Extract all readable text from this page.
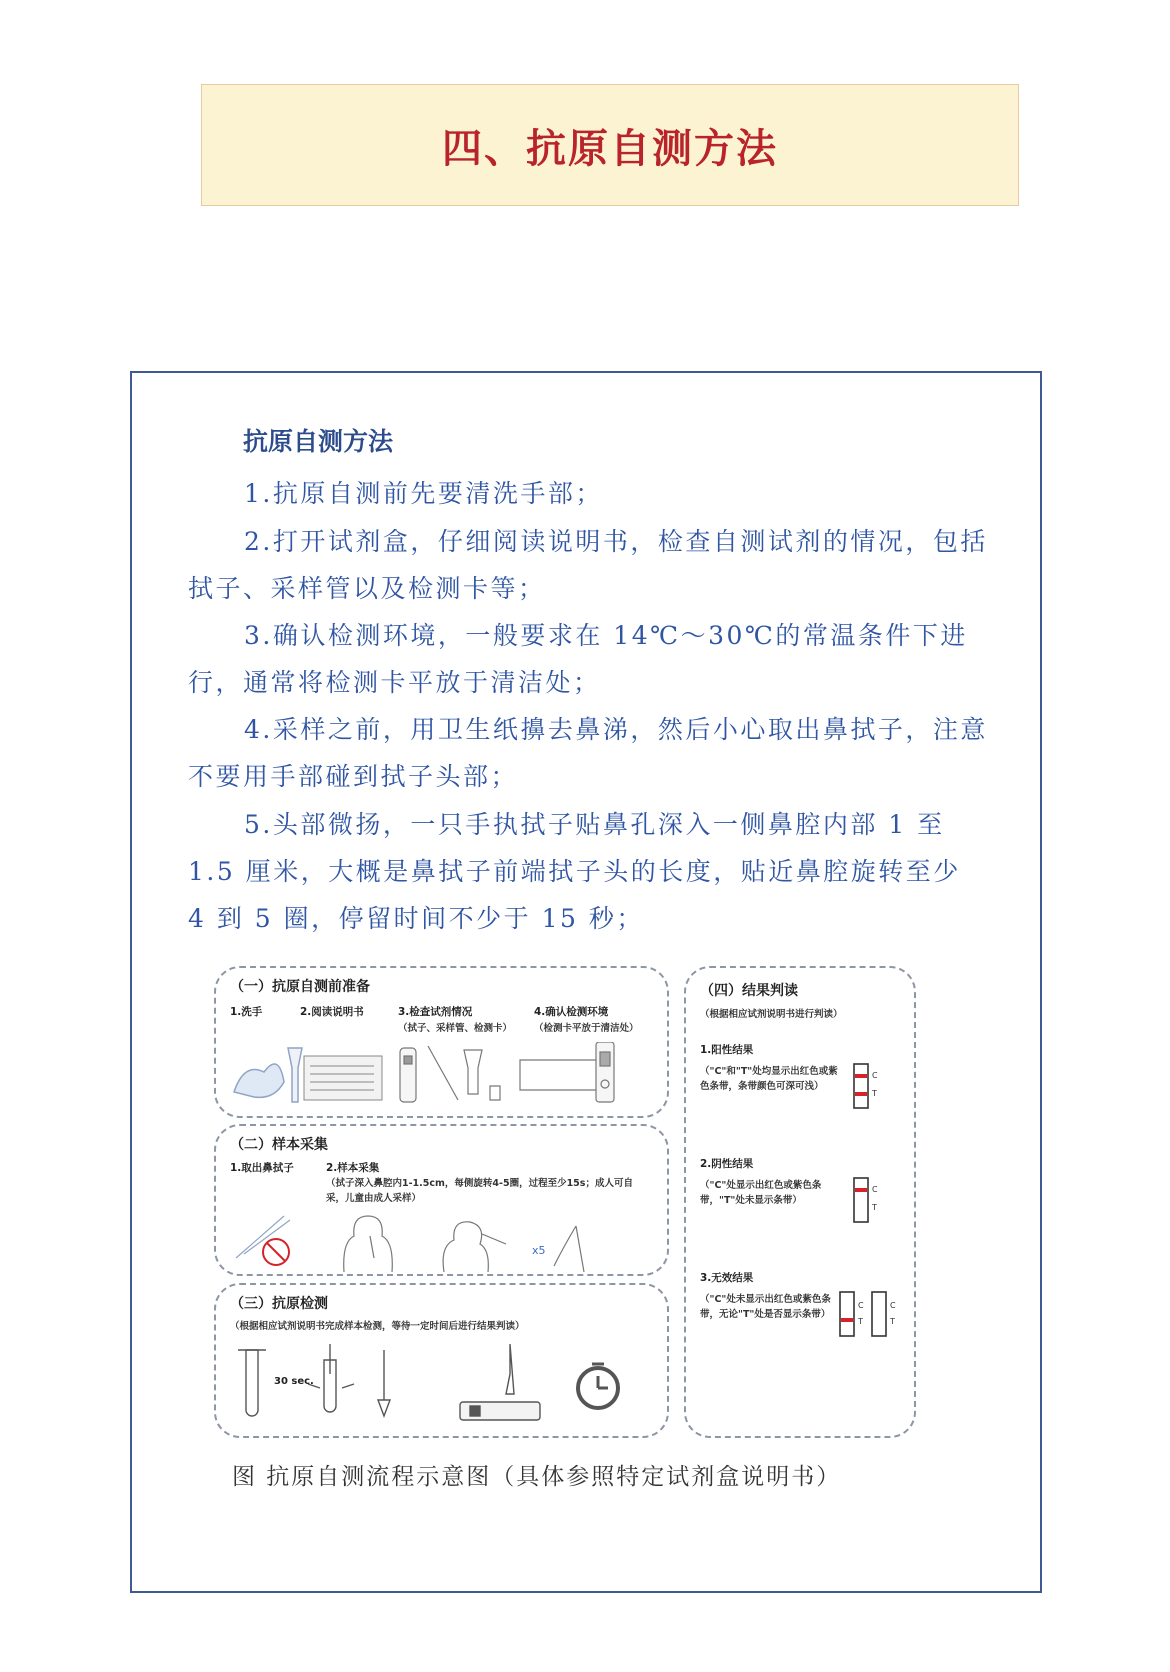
四、抗原自测方法
抗原自测方法

1.抗原自测前先要清洗手部；

2.打开试剂盒，仔细阅读说明书，检查自测试剂的情况，包括拭子、采样管以及检测卡等；

3.确认检测环境，一般要求在 14℃～30℃的常温条件下进行，通常将检测卡平放于清洁处；

4.采样之前，用卫生纸擤去鼻涕，然后小心取出鼻拭子，注意不要用手部碰到拭子头部；

5.头部微扬，一只手执拭子贴鼻孔深入一侧鼻腔内部 1 至 1.5 厘米，大概是鼻拭子前端拭子头的长度，贴近鼻腔旋转至少 4 到 5 圈，停留时间不少于 15 秒；

（一）抗原自测前准备
1.洗手	2.阅读说明书	3.检查试剂情况
（拭子、采样管、检测卡）
4.确认检测环境
（检测卡平放于清洁处）
（二）样本采集
1.取出鼻拭子	2.样本采集
（拭子深入鼻腔内1-1.5cm，每侧旋转4-5圈，过程至少15s；成人可自采，儿童由成人采样）
x5
（三）抗原检测
（根据相应试剂说明书完成样本检测，等待一定时间后进行结果判读）
30 sec.
（四）结果判读
（根据相应试剂说明书进行判读）
1.阳性结果
（"C"和"T"处均显示出红色或紫色条带，条带颜色可深可浅）
2.阴性结果
（"C"处显示出红色或紫色条带，"T"处未显示条带）
3.无效结果
（"C"处未显示出红色或紫色条带，无论"T"处是否显示条带）
C
T
C
T
C
T
C
T
图 抗原自测流程示意图（具体参照特定试剂盒说明书）
